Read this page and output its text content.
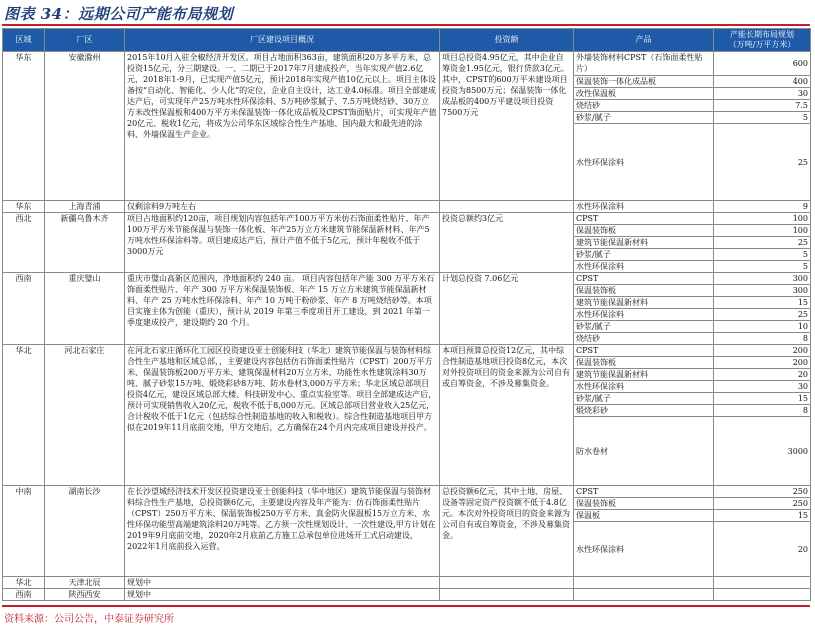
图表 34：远期公司产能布局规划
区域	厂区	厂区建设项目概况	投资额	产品	产能长期布局规划
（万吨/万平方米）
华东	安徽滁州	2015年10月入驻全椒经济开发区。项目占地面积363亩，建筑面积20万多平方米，总投资15亿元，分三期建设。一、二期已于2017年7月建成投产，当年实现产值2.6亿元，2018年1-9月，已实现产值5亿元，预计2018年实现产值10亿元以上。项目主体设备按“自动化、智能化、少人化”的定位，企业自主设计，达工业4.0标准。项目全部建成达产后，可实现年产25万吨水性环保涂料、5万吨砂浆腻子、7.5万吨烧结砂、30万立方米改性保温板和400万平方米保温装饰一体化成品板及CPST饰面贴片，可实现年产值20亿元、税收1亿元，将成为公司华东区域综合性生产基地、国内最大和最先进的涂料、外墙保温生产企业。	项目总投资4.95亿元，其中企业自筹资金1.95亿元，银行贷款3亿元。其中，CPST的600万平米建设项目投资为8500万元；保温装饰一体化成品板的400万平建设项目投资7500万元	外墙装饰材料CPST（石饰面柔性贴片）	600
				保温装饰一体化成品板	400
				改性保温板	30
				烧结砂	7.5
				砂浆/腻子	5
				水性环保涂料	25
华东	上海青浦	仅剩涂料9万吨左右		水性环保涂料	9
西北	新疆乌鲁木齐	项目占地面积约120亩，项目规划内容包括年产100万平方米仿石饰面柔性贴片、年产100万平方米节能保温与装饰一体化板、年产25万立方米建筑节能保温新材料、年产5万吨水性环保涂料等。项目建成达产后，预计产值不低于5亿元，预计年税收不低于3000万元	投资总额约3亿元	CPST	100
				保温装饰板	100
				建筑节能保温新材料	25
				砂浆/腻子	5
				水性环保涂料	5
西南	重庆璧山	重庆市璧山高新区范围内，净地面积约 240 亩。 项目内容包括年产能 300 万平方米石饰面柔性贴片、年产 300 万平方米保温装饰板、年产 15 万立方米建筑节能保温新材料、年产 25 万吨水性环保涂料、年产 10 万吨干粉砂浆、年产 8 万吨烧结砂等。本项目实施主体为创能（重庆），预计从 2019 年第三季度项目开工建设，到 2021 年第一季度建成投产，建设期约 20 个月。	计划总投资 7.06亿元	CPST	300
				保温装饰板	300
				建筑节能保温新材料	15
				水性环保涂料	25
				砂浆/腻子	10
				烧结砂	8
华北	河北石家庄	在河北石家庄循环化工园区投资建设亚士创能科技（华北）建筑节能保温与装饰材料综合性生产基地和区域总部，，主要建设内容包括仿石饰面柔性贴片（CPST）200万平方米、保温装饰板200万平方米、建筑保温材料20万立方米、功能性水性建筑涂料30万吨、腻子砂浆15万吨、煅烧彩砂8万吨、防水卷材3,000万平方米；华北区域总部项目投资4亿元，建设区域总部大楼、科技研发中心、重点实验室等。项目全部建成达产后，预计可实现销售收入20亿元，税收不低于8,000万元。区域总部项目营业收入25亿元，合计税收不低于1亿元（包括综合性制造基地的收入和税收）。综合性制造基地项目甲方拟在2019年11月底前交地，甲方交地后，乙方确保在24个月内完成项目建设并投产。	本项目预算总投资12亿元，其中综合性制造基地项目投资8亿元，本次对外投资项目的资金来源为公司自有或自筹资金，不涉及募集资金。	CPST	200
				保温装饰板	200
				建筑节能保温新材料	20
				水性环保涂料	30
				砂浆/腻子	15
				煅烧彩砂	8
				防水卷材	3000
中南	湖南长沙	在长沙望城经济技术开发区投资建设亚士创能科技（华中地区）建筑节能保温与装饰材料综合性生产基地，总投资额6亿元，主要建设内容及年产能为：仿石饰面柔性贴片（CPST）250万平方米、保温装饰板250万平方米、真金防火保温板15万立方米、水性环保功能型高端建筑涂料20万吨等。乙方须一次性规划设计、一次性建设,甲方计划在2019年9月底前交地，2020年2月底前乙方施工总承包单位进场开工式启动建设，2022年1月底前投入运营。	总投资额6亿元，其中土地、房屋、设备等固定资产投资额不低于4.8亿元。本次对外投资项目的资金来源为公司自有或自筹资金，不涉及募集资金。	CPST	250
				保温装饰板	250
				保温板	15
				水性环保涂料	20
华北	天津北辰	规划中			
西南	陕西西安	规划中			
资料来源：公司公告，中泰证券研究所
